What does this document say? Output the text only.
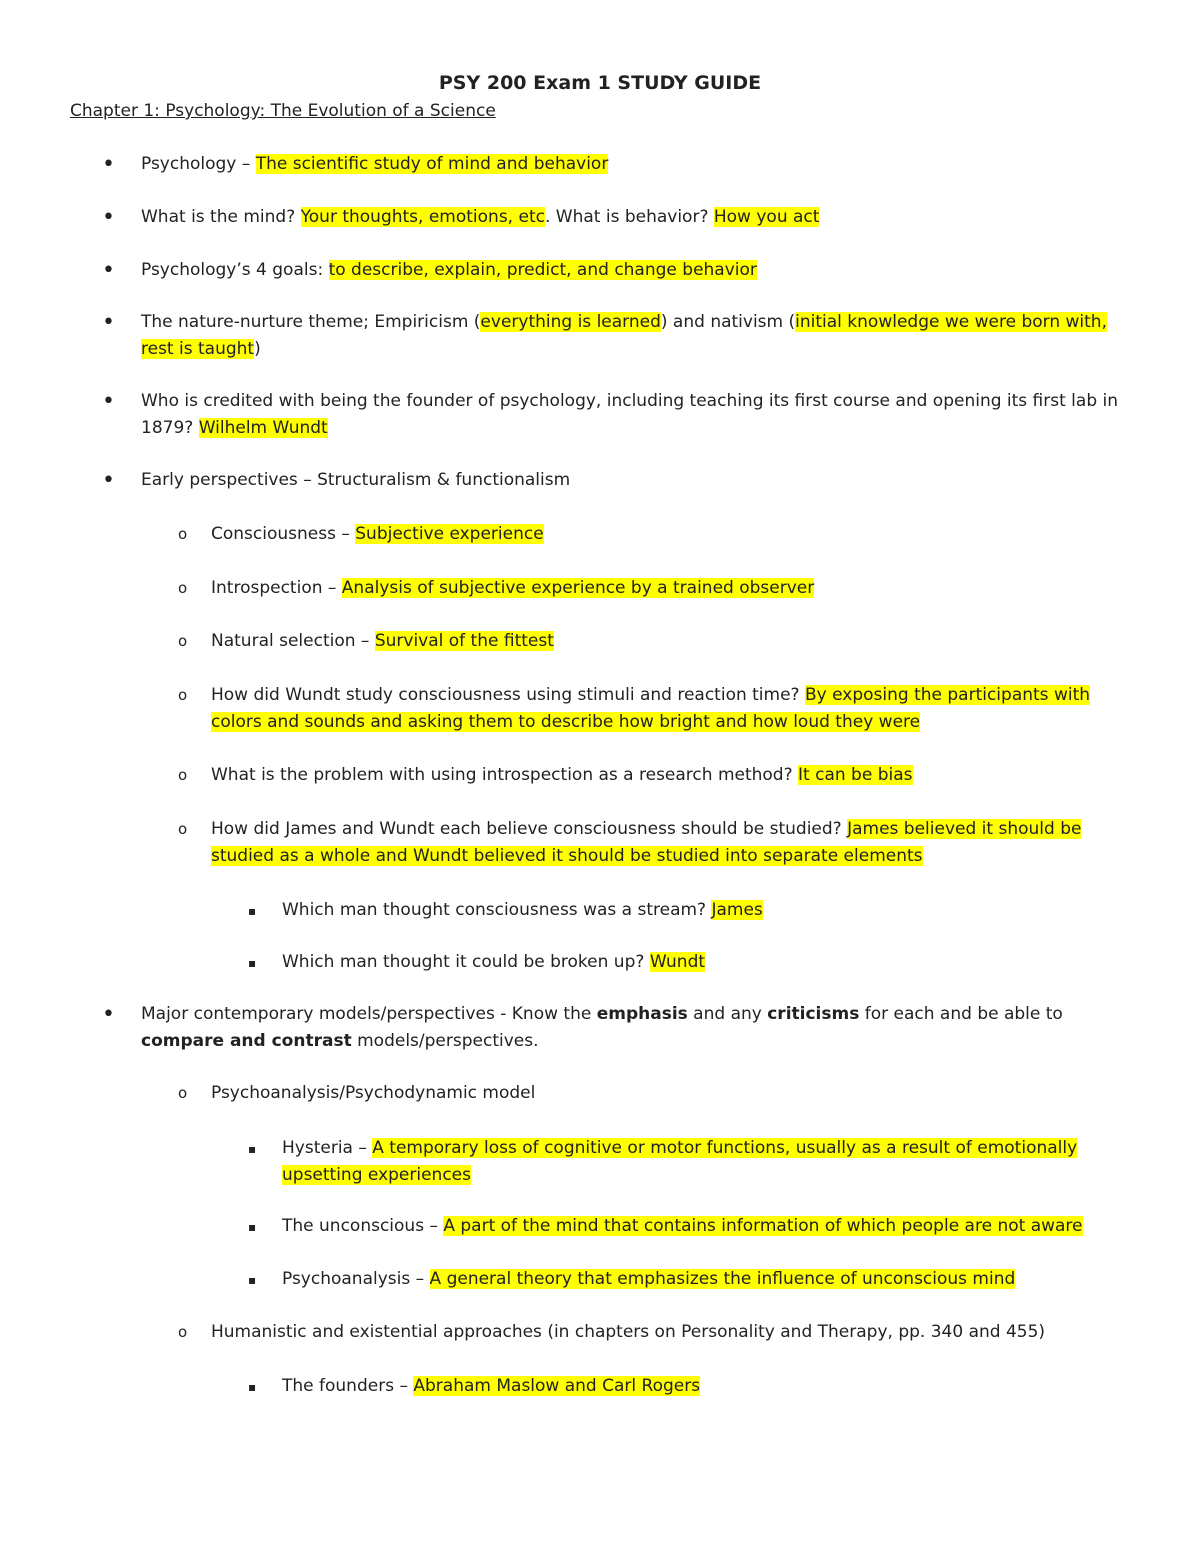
PSY 200 Exam 1 STUDY GUIDE
Chapter 1: Psychology: The Evolution of a Science
•
Psychology – The scientific study of mind and behavior
•
What is the mind? Your thoughts, emotions, etc. What is behavior? How you act
•
Psychology’s 4 goals: to describe, explain, predict, and change behavior
•
The nature-nurture theme; Empiricism (everything is learned) and nativism (initial knowledge we were born with, rest is taught)
•
Who is credited with being the founder of psychology, including teaching its first course and opening its first lab in 1879? Wilhelm Wundt
•
Early perspectives – Structuralism & functionalism
o
Consciousness – Subjective experience
o
Introspection – Analysis of subjective experience by a trained observer
o
Natural selection – Survival of the fittest
o
How did Wundt study consciousness using stimuli and reaction time? By exposing the participants with colors and sounds and asking them to describe how bright and how loud they were
o
What is the problem with using introspection as a research method? It can be bias
o
How did James and Wundt each believe consciousness should be studied? James believed it should be studied as a whole and Wundt believed it should be studied into separate elements
▪
Which man thought consciousness was a stream? James
▪
Which man thought it could be broken up? Wundt
•
Major contemporary models/perspectives - Know the emphasis and any criticisms for each and be able to compare and contrast models/perspectives.
o
Psychoanalysis/Psychodynamic model
▪
Hysteria – A temporary loss of cognitive or motor functions, usually as a result of emotionally upsetting experiences
▪
The unconscious – A part of the mind that contains information of which people are not aware
▪
Psychoanalysis – A general theory that emphasizes the influence of unconscious mind
o
Humanistic and existential approaches (in chapters on Personality and Therapy, pp. 340 and 455)
▪
The founders – Abraham Maslow and Carl Rogers
